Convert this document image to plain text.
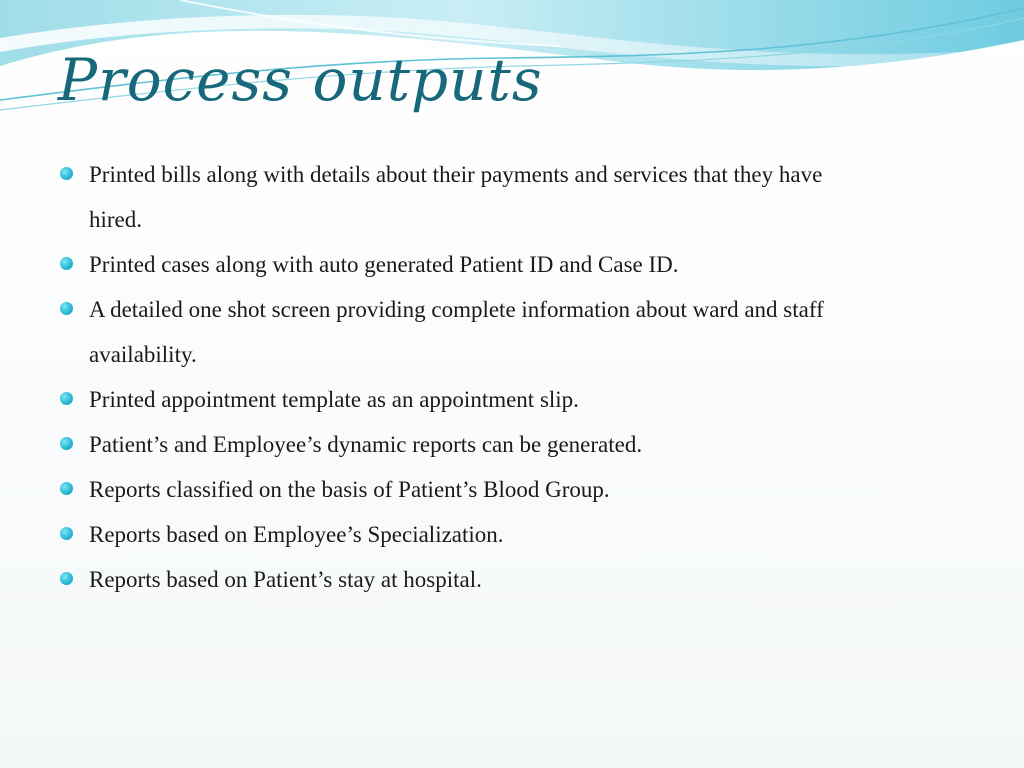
Process outputs
Printed bills along with details about their payments and services that they have hired.
Printed cases along with auto generated Patient ID and Case ID.
A detailed one shot screen providing complete information about ward and staff availability.
Printed appointment template as an appointment slip.
Patient’s and Employee’s dynamic reports can be generated.
Reports classified on the basis of Patient’s Blood Group.
Reports based on Employee’s Specialization.
Reports based on Patient’s stay at hospital.
